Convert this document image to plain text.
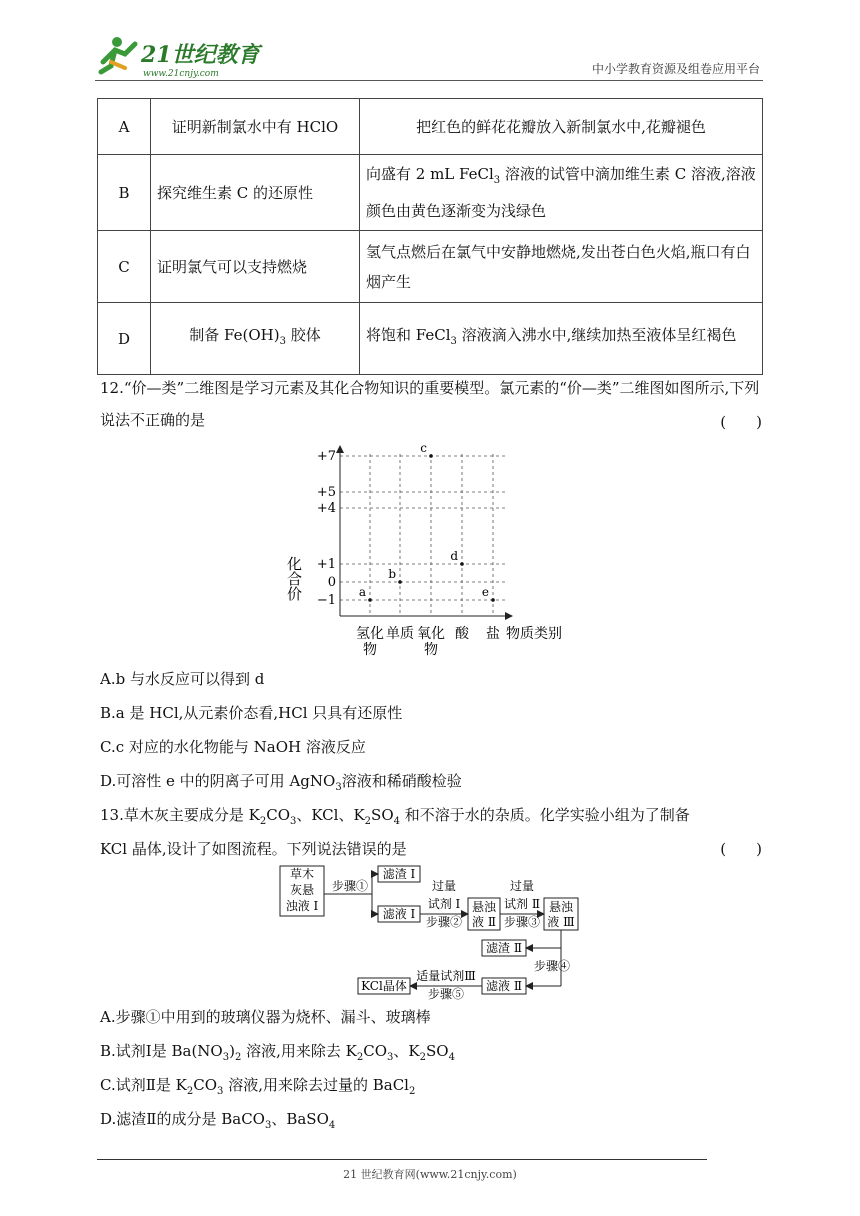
21世纪教育
www.21cnjy.com	中小学教育资源及组卷应用平台
A	证明新制氯水中有 HClO	把红色的鲜花花瓣放入新制氯水中,花瓣褪色
B	探究维生素 C 的还原性	向盛有 2 mL FeCl$_3$ 溶液的试管中滴加维生素 C 溶液,溶液颜色由黄色逐渐变为浅绿色
C	证明氯气可以支持燃烧	氢气点燃后在氯气中安静地燃烧,发出苍白色火焰,瓶口有白烟产生
D	制备 $Fe(OH)_3$ 胶体	将饱和 FeCl$_3$ 溶液滴入沸水中,继续加热至液体呈红褐色
12.“价—类”二维图是学习元素及其化合物知识的重要模型。氯元素的“价—类”二维图如图所示,下列说法不正确的是	(　　)
化合价
+7
+5
+4
+1
0
−1
氢化
物
单质 氧化
物
酸 盐
a
b
c
d
e
物质类别
A.b 与水反应可以得到 d
B.a 是 HCl,从元素价态看,HCl 只具有还原性
C.c 对应的水化物能与 NaOH 溶液反应
D.可溶性 e 中的阴离子可用 AgNO$_3$溶液和稀硝酸检验
13.草木灰主要成分是 $K_2CO_3$、KCl、$K_2SO_4$ 和不溶于水的杂质。化学实验小组为了制备
KCl 晶体,设计了如图流程。下列说法错误的是	(　　)
草木
灰悬
浊液 Ⅰ
步骤①
滤渣 Ⅰ
滤液 Ⅰ
过量
试剂 Ⅰ
步骤②
悬浊
液 Ⅱ
过量
试剂 Ⅱ
步骤③
悬浊
液 Ⅲ
步骤④
滤渣 Ⅱ
滤液 Ⅱ
适量试剂Ⅲ
步骤⑤
KCl晶体
A.步骤①中用到的玻璃仪器为烧杯、漏斗、玻璃棒
B.试剂Ⅰ是 $Ba(NO_3)_2$ 溶液,用来除去 $K_2CO_3$、$K_2SO_4$
C.试剂Ⅱ是 $K_2CO_3$ 溶液,用来除去过量的 BaCl$_2$
D.滤渣Ⅱ的成分是 BaCO$_3$、BaSO$_4$
21 世纪教育网(www.21cnjy.com)
